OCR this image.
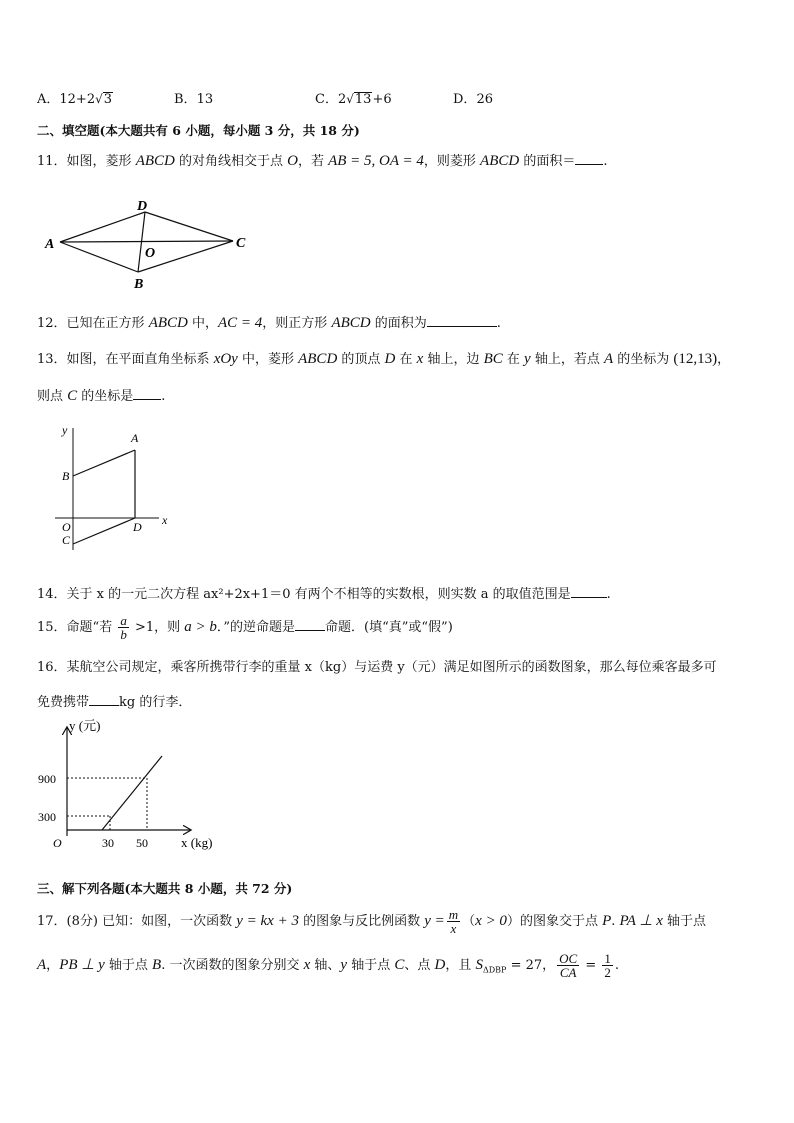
A．12+2√3	B．13	C．2√13+6	D．26
二、填空题(本大题共有 6 小题，每小题 3 分，共 18 分)
11．如图，菱形 ABCD 的对角线相交于点 O，若 AB = 5, OA = 4，则菱形 ABCD 的面积＝ .
A
D
C
B
O
12．已知在正方形 ABCD 中，AC = 4，则正方形 ABCD 的面积为	.
13．如图，在平面直角坐标系 xOy 中，菱形 ABCD 的顶点 D 在 x 轴上，边 BC 在 y 轴上，若点 A 的坐标为 (12,13)，
则点 C 的坐标是 .
y
x
A
B
C
D
O
14．关于 x 的一元二次方程 ax²+2x+1＝0 有两个不相等的实数根，则实数 a 的取值范围是	.
15．命题“若 $\frac{a}{b} >1$，则 a > b．”的逆命题是 命题．(填“真”或“假”)
16．某航空公司规定，乘客所携带行李的重量 x（kg）与运费 y（元）满足如图所示的函数图象，那么每位乘客最多可
免费携带 kg 的行李．
y (元)
x (kg)
O
900
300
30 50
三、解下列各题(本大题共 8 小题，共 72 分)
17．(8分) 已知：如图，一次函数 y = kx + 3 的图象与反比例函数 $y = \frac{m}{x} (x > 0)$的图象交于点 P. PA ⊥ x 轴于点
A，PB ⊥ y 轴于点 B. 一次函数的图象分别交 x 轴、y 轴于点 C、点 D，且 $S_{\Delta DBP} = 27$， $\frac{OC}{CA} = \frac{1}{2}$ .
